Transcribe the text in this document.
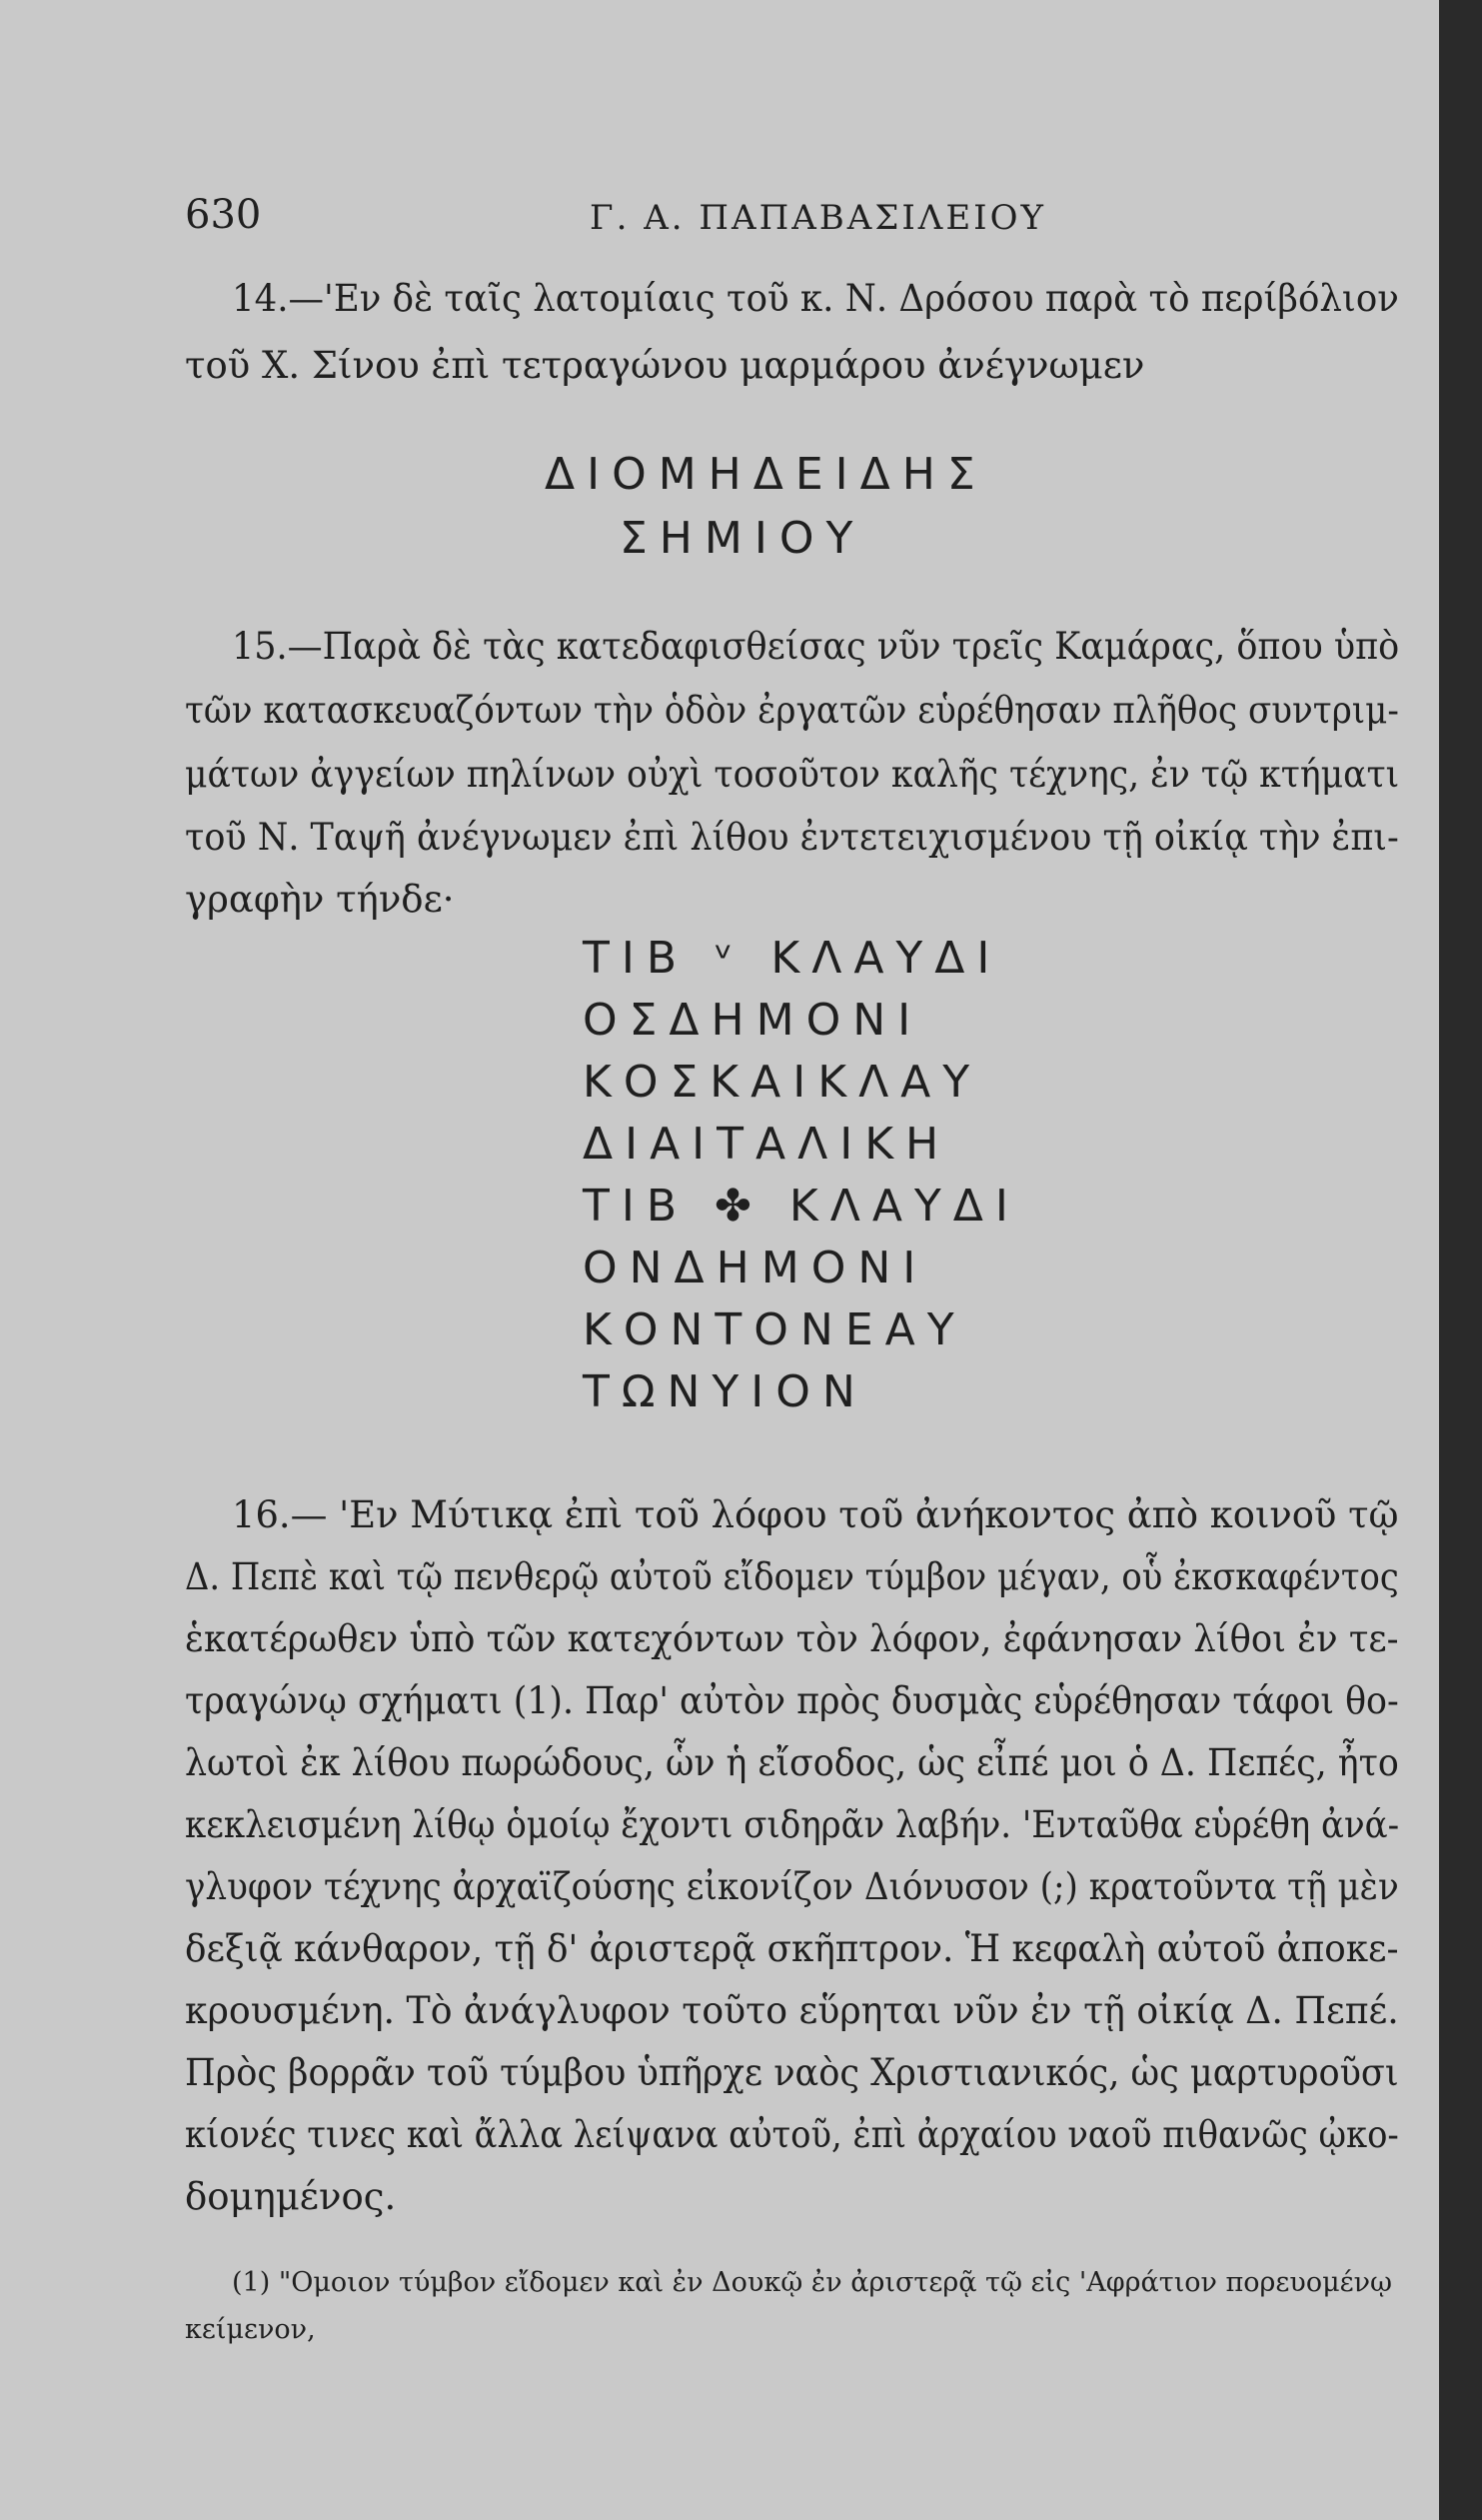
630	Γ. Α. ΠΑΠΑΒΑΣΙΛΕΙΟΥ
14.—'Εν δὲ ταῖς λατομίαις τοῦ κ. Ν. Δρόσου παρὰ τὸ περίβόλιον
τοῦ Χ. Σίνου ἐπὶ τετραγώνου μαρμάρου ἀνέγνωμεν
ΔΙΟΜΗΔΕΙΔΗΣ
ΣΗΜΙΟΥ
15.—Παρὰ δὲ τὰς κατεδαφισθείσας νῦν τρεῖς Καμάρας, ὅπου ὑπὸ
τῶν κατασκευαζόντων τὴν ὁδὸν ἐργατῶν εὑρέθησαν πλῆθος συντριμ-
μάτων ἀγγείων πηλίνων οὐχὶ τοσοῦτον καλῆς τέχνης, ἐν τῷ κτήματι
τοῦ Ν. Ταψῆ ἀνέγνωμεν ἐπὶ λίθου ἐντετειχισμένου τῇ οἰκίᾳ τὴν ἐπι-
γραφὴν τήνδε·
ΤΙΒ ᵛ ΚΛΑΥΔΙ
ΟΣΔΗΜΟΝΙ
ΚΟΣΚΑΙΚΛΑΥ
ΔΙΑΙΤΑΛΙΚΗ
ΤΙΒ ✤ ΚΛΑΥΔΙ
ΟΝΔΗΜΟΝΙ
ΚΟΝΤΟΝΕΑΥ
ΤΩΝΥΙΟΝ
16.— 'Εν Μύτικᾳ ἐπὶ τοῦ λόφου τοῦ ἀνήκοντος ἀπὸ κοινοῦ τῷ
Δ. Πεπὲ καὶ τῷ πενθερῷ αὐτοῦ εἴδομεν τύμβον μέγαν, οὗ ἐκσκαφέντος
ἑκατέρωθεν ὑπὸ τῶν κατεχόντων τὸν λόφον, ἐφάνησαν λίθοι ἐν τε-
τραγώνῳ σχήματι (1). Παρ' αὐτὸν πρὸς δυσμὰς εὑρέθησαν τάφοι θο-
λωτοὶ ἐκ λίθου πωρώδους, ὧν ἡ εἴσοδος, ὡς εἶπέ μοι ὁ Δ. Πεπές, ἦτο
κεκλεισμένη λίθῳ ὁμοίῳ ἔχοντι σιδηρᾶν λαβήν. 'Ενταῦθα εὑρέθη ἀνά-
γλυφον τέχνης ἀρχαϊζούσης εἰκονίζον Διόνυσον (;) κρατοῦντα τῇ μὲν
δεξιᾷ κάνθαρον, τῇ δ' ἀριστερᾷ σκῆπτρον. Ἡ κεφαλὴ αὐτοῦ ἀποκε-
κρουσμένη. Τὸ ἀνάγλυφον τοῦτο εὕρηται νῦν ἐν τῇ οἰκίᾳ Δ. Πεπέ.
Πρὸς βορρᾶν τοῦ τύμβου ὑπῆρχε ναὸς Χριστιανικός, ὡς μαρτυροῦσι
κίονές τινες καὶ ἄλλα λείψανα αὐτοῦ, ἐπὶ ἀρχαίου ναοῦ πιθανῶς ᾠκο-
δομημένος.
(1) "Ομοιον τύμβον εἴδομεν καὶ ἐν Δουκῷ ἐν ἀριστερᾷ τῷ εἰς 'Αφράτιον πορευομένῳ
κείμενον,
